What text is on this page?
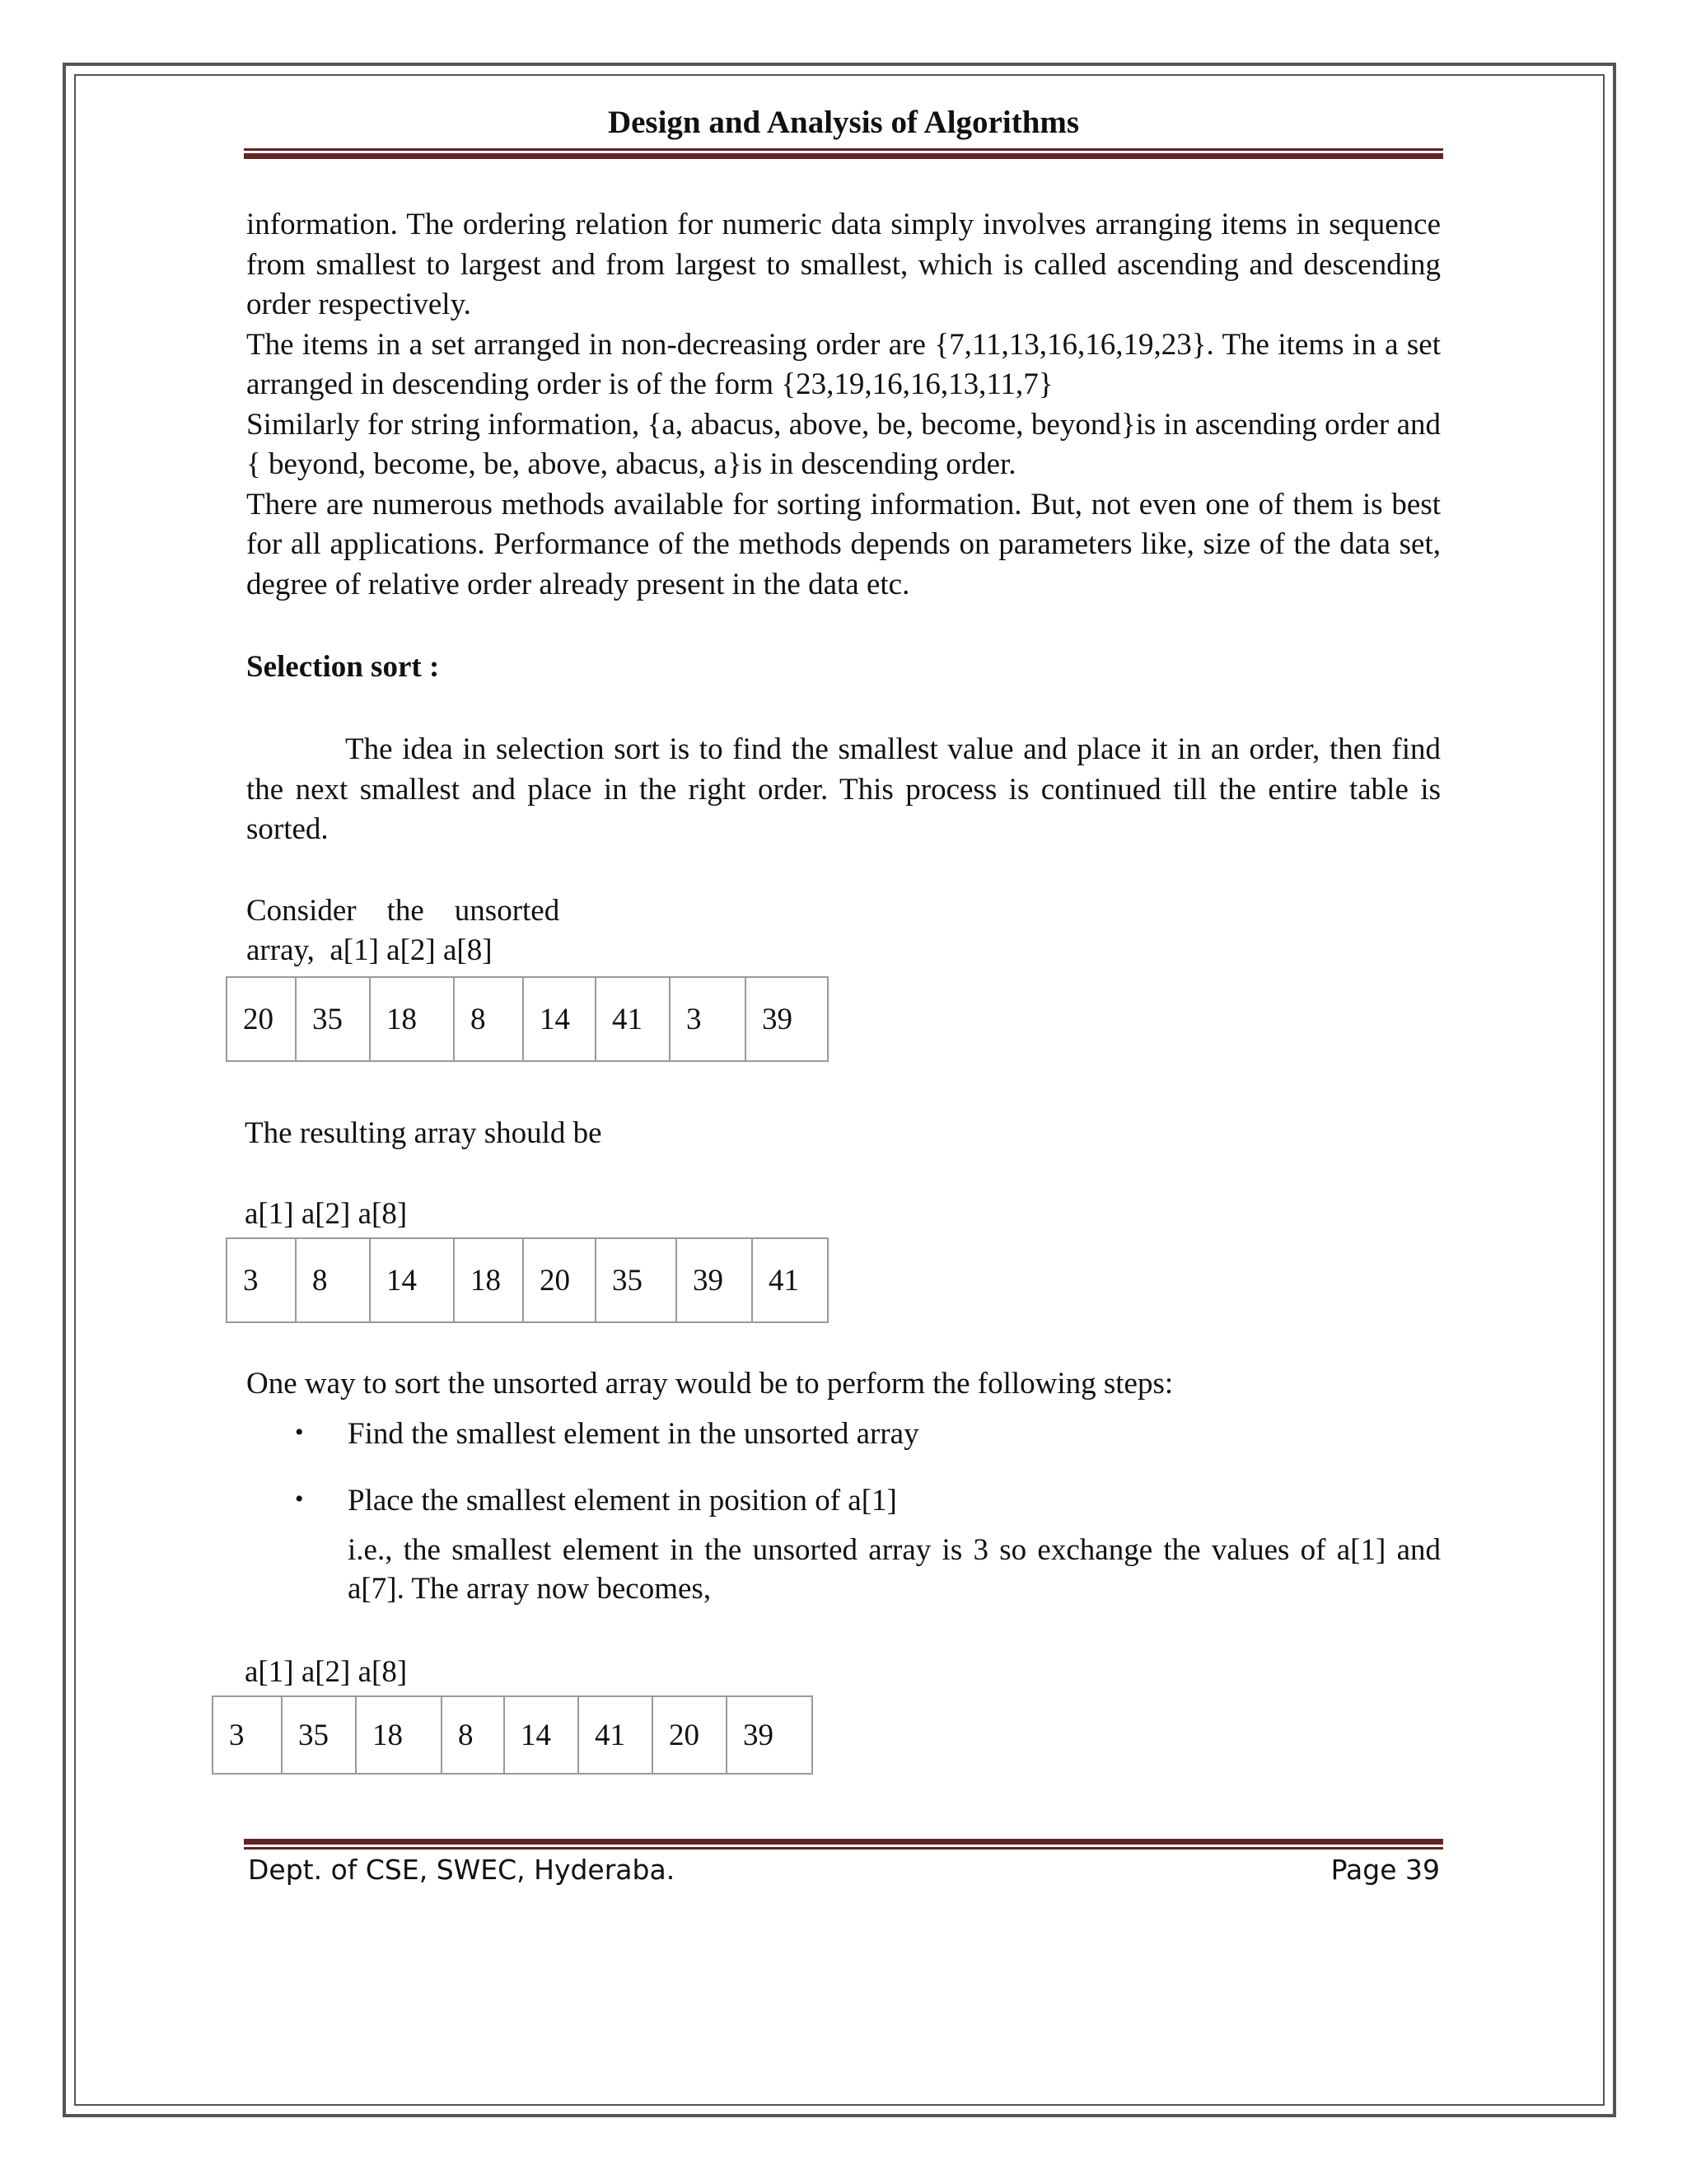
Design and Analysis of Algorithms

information. The ordering relation for numeric data simply involves arranging items in sequence from smallest to largest and from largest to smallest, which is called ascending and descending order respectively.

The items in a set arranged in non-decreasing order are {7,11,13,16,16,19,23}. The items in a set arranged in descending order is of the form {23,19,16,16,13,11,7}

Similarly for string information, {a, abacus, above, be, become, beyond}is in ascending order and { beyond, become, be, above, abacus, a}is in descending order.

There are numerous methods available for sorting information. But, not even one of them is best for all applications. Performance of the methods depends on parameters like, size of the data set, degree of relative order already present in the data etc.

Selection sort :

The idea in selection sort is to find the smallest value and place it in an order, then find the next smallest and place in the right order. This process is continued till the entire table is sorted.

Consider    the    unsorted
array,  a[1] a[2] a[8]
20	35	18	8	14	41	3	39
The resulting array should be
a[1] a[2] a[8]
3	8	14	18	20	35	39	41
One way to sort the unsorted array would be to perform the following steps:
• Find the smallest element in the unsorted array
• Place the smallest element in position of a[1]

i.e., the smallest element in the unsorted array is 3 so exchange the values of a[1] and a[7]. The array now becomes,

a[1] a[2] a[8]
3	35	18	8	14	41	20	39
Dept. of CSE, SWEC, Hyderaba.	Page 39
